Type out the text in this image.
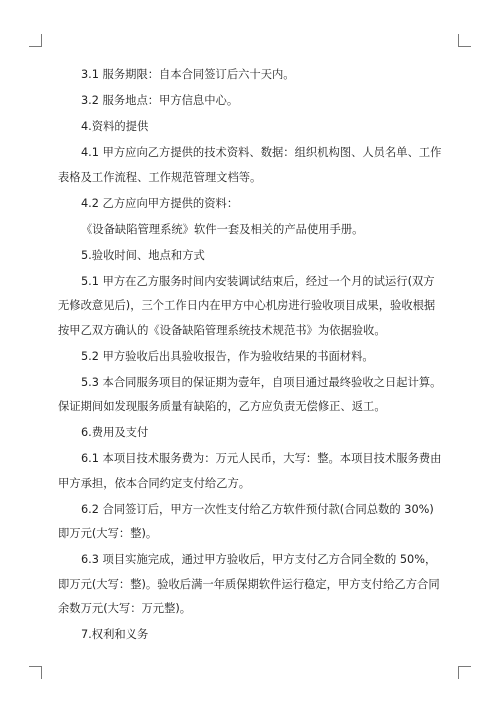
3.1 服务期限：自本合同签订后六十天内。

3.2 服务地点：甲方信息中心。

4.资料的提供

4.1 甲方应向乙方提供的技术资料、数据：组织机构图、人员名单、工作表格及工作流程、工作规范管理文档等。

4.2 乙方应向甲方提供的资料：

《设备缺陷管理系统》软件一套及相关的产品使用手册。

5.验收时间、地点和方式

5.1 甲方在乙方服务时间内安装调试结束后，经过一个月的试运行(双方无修改意见后)，三个工作日内在甲方中心机房进行验收项目成果，验收根据按甲乙双方确认的《设备缺陷管理系统技术规范书》为依据验收。

5.2 甲方验收后出具验收报告，作为验收结果的书面材料。

5.3 本合同服务项目的保证期为壹年，自项目通过最终验收之日起计算。保证期间如发现服务质量有缺陷的，乙方应负责无偿修正、返工。

6.费用及支付

6.1 本项目技术服务费为：万元人民币，大写：整。本项目技术服务费由甲方承担，依本合同约定支付给乙方。

6.2 合同签订后，甲方一次性支付给乙方软件预付款(合同总数的 30%)即万元(大写：整)。

6.3 项目实施完成，通过甲方验收后，甲方支付乙方合同全数的 50%，即万元(大写：整)。验收后满一年质保期软件运行稳定，甲方支付给乙方合同余数万元(大写：万元整)。

7.权利和义务
